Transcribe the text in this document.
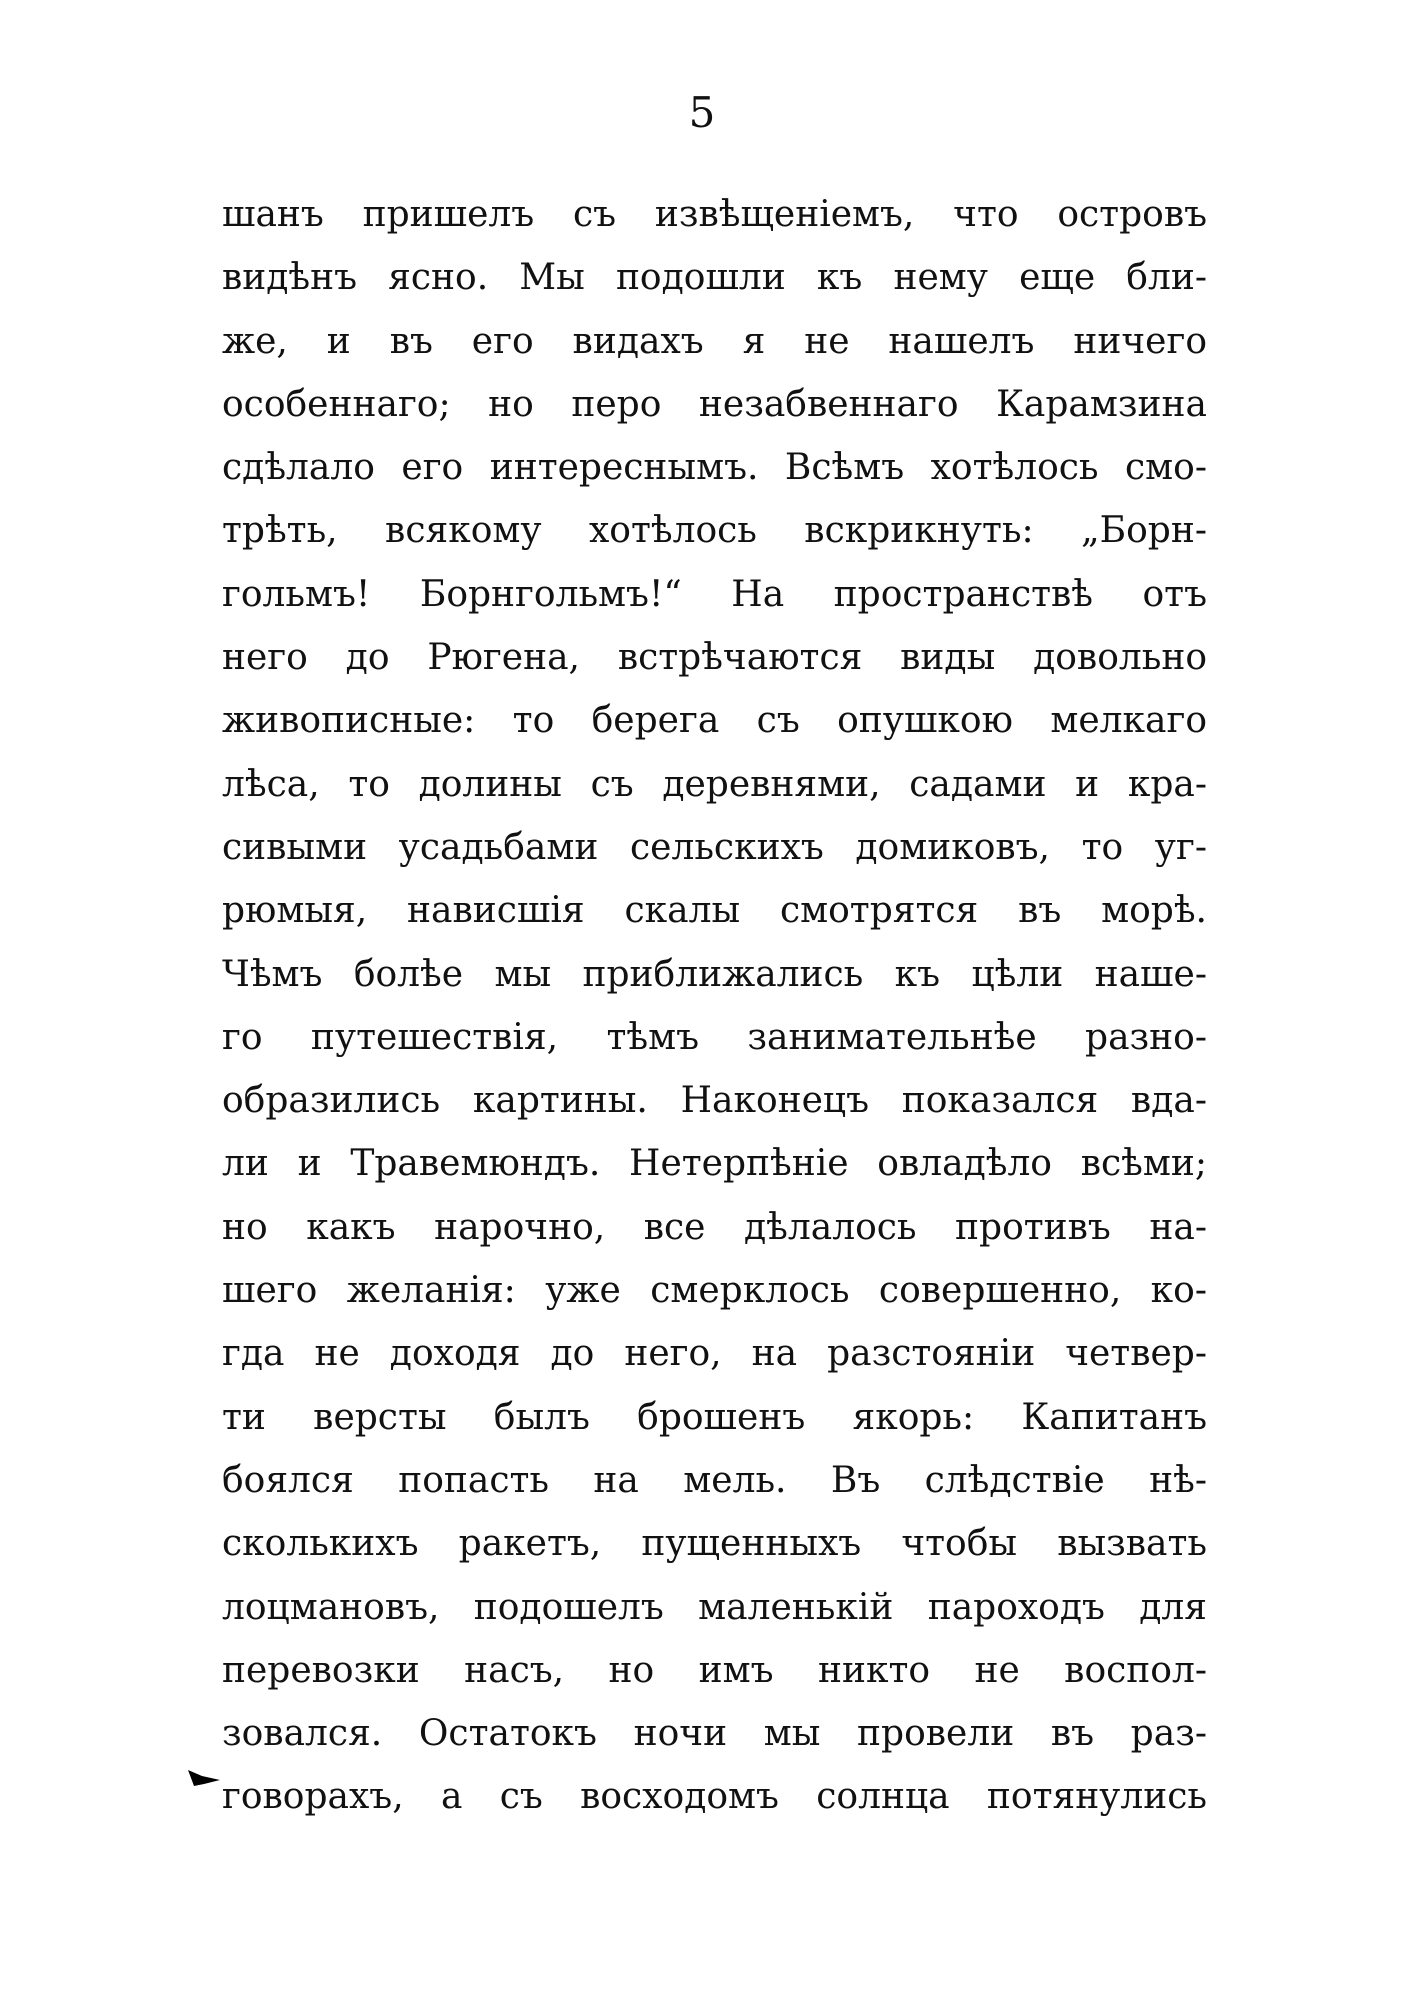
5
шанъ пришелъ съ извѣщеніемъ, что островъ
видѣнъ ясно. Мы подошли къ нему еще бли-
же, и въ его видахъ я не нашелъ ничего
особеннаго; но перо незабвеннаго Карамзина
сдѣлало его интереснымъ. Всѣмъ хотѣлось смо-
трѣть, всякому хотѣлось вскрикнуть: „Борн-
гольмъ! Борнгольмъ!“ На пространствѣ отъ
него до Рюгена, встрѣчаются виды довольно
живописные: то берега съ опушкою мелкаго
лѣса, то долины съ деревнями, садами и кра-
сивыми усадьбами сельскихъ домиковъ, то уг-
рюмыя, нависшія скалы смотрятся въ морѣ.
Чѣмъ болѣе мы приближались къ цѣли наше-
го путешествія, тѣмъ занимательнѣе разно-
образились картины. Наконецъ показался вда-
ли и Травемюндъ. Нетерпѣніе овладѣло всѣми;
но какъ нарочно, все дѣлалось противъ на-
шего желанія: уже смерклось совершенно, ко-
гда не доходя до него, на разстояніи четвер-
ти версты былъ брошенъ якорь: Капитанъ
боялся попасть на мель. Въ слѣдствіе нѣ-
сколькихъ ракетъ, пущенныхъ чтобы вызвать
лоцмановъ, подошелъ маленькій пароходъ для
перевозки насъ, но имъ никто не воспол-
зовался. Остатокъ ночи мы провели въ раз-
говорахъ, а съ восходомъ солнца потянулись
